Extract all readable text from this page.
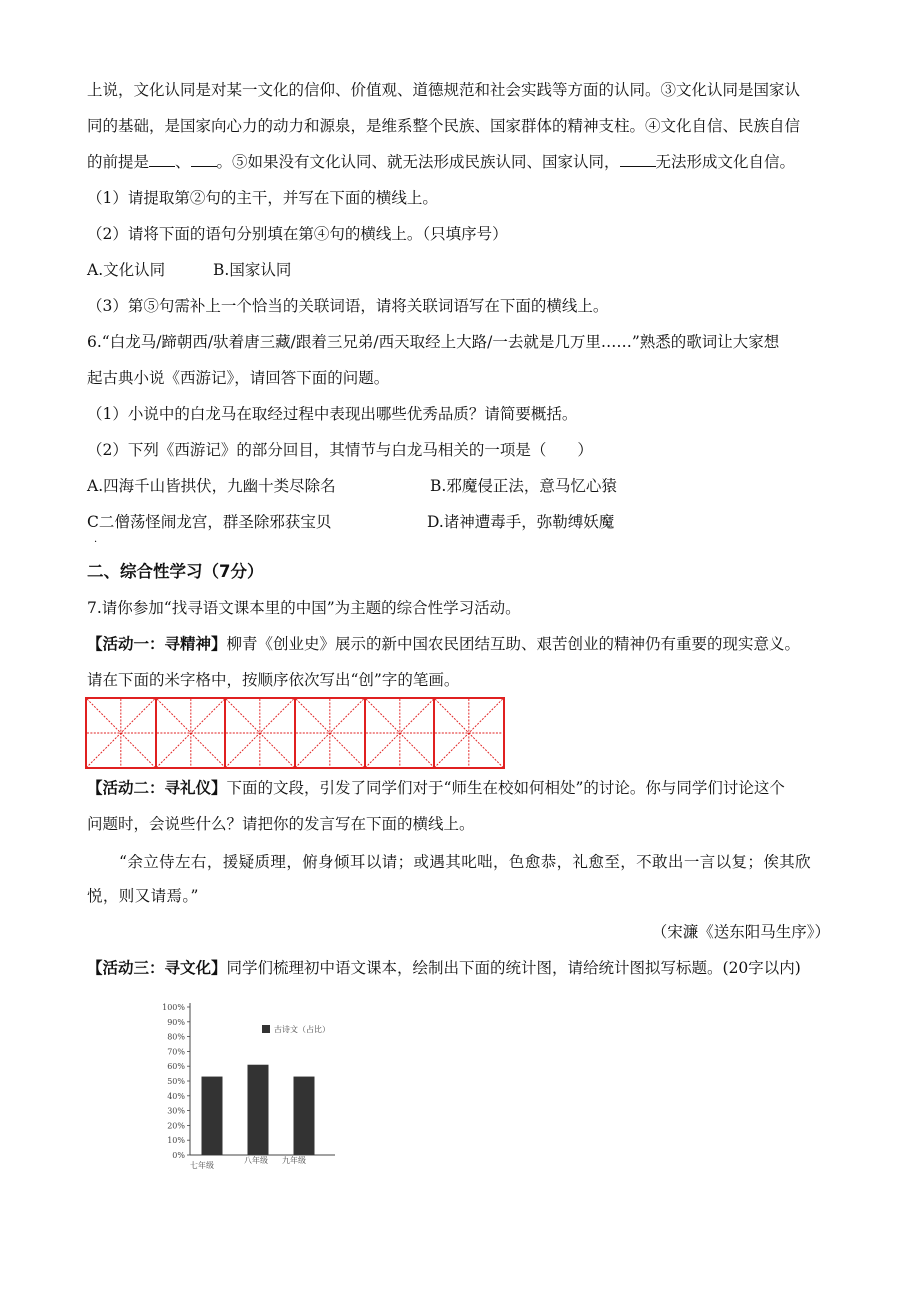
上说，文化认同是对某一文化的信仰、价值观、道德规范和社会实践等方面的认同。③文化认同是国家认
同的基础，是国家向心力的动力和源泉，是维系整个民族、国家群体的精神支柱。④文化自信、民族自信
的前提是 、 。⑤如果没有文化认同、就无法形成民族认同、国家认同， 无法形成文化自信。
（1）请提取第②句的主干，并写在下面的横线上。
（2）请将下面的语句分别填在第④句的横线上。（只填序号）
A.文化认同	B.国家认同
（3）第⑤句需补上一个恰当的关联词语，请将关联词语写在下面的横线上。
6.“白龙马/蹄朝西/驮着唐三藏/跟着三兄弟/西天取经上大路/一去就是几万里……”熟悉的歌词让大家想
起古典小说《西游记》，请回答下面的问题。
（1）小说中的白龙马在取经过程中表现出哪些优秀品质？请简要概括。
（2）下列《西游记》的部分回目，其情节与白龙马相关的一项是（　　）
A.四海千山皆拱伏，九幽十类尽除名	B.邪魔侵正法，意马忆心猿
C二僧荡怪闹龙宫，群圣除邪获宝贝	D.诸神遭毒手，弥勒缚妖魔
·
二、综合性学习（7分）
7.请你参加“找寻语文课本里的中国”为主题的综合性学习活动。
【活动一：寻精神】柳青《创业史》展示的新中国农民团结互助、艰苦创业的精神仍有重要的现实意义。
请在下面的米字格中，按顺序依次写出“创”字的笔画。
【活动二：寻礼仪】下面的文段，引发了同学们对于“师生在校如何相处”的讨论。你与同学们讨论这个
问题时，会说些什么？请把你的发言写在下面的横线上。
“余立侍左右，援疑质理，俯身倾耳以请；或遇其叱咄，色愈恭，礼愈至，不敢出一言以复；俟其欣
悦，则又请焉。”
（宋濂《送东阳马生序》）
【活动三：寻文化】同学们梳理初中语文课本，绘制出下面的统计图，请给统计图拟写标题。(20字以内)
0%
10%
20%
30%
40%
50%
60%
70%
80%
90%
100%
七年级
八年级 九年级
古诗文（占比）
